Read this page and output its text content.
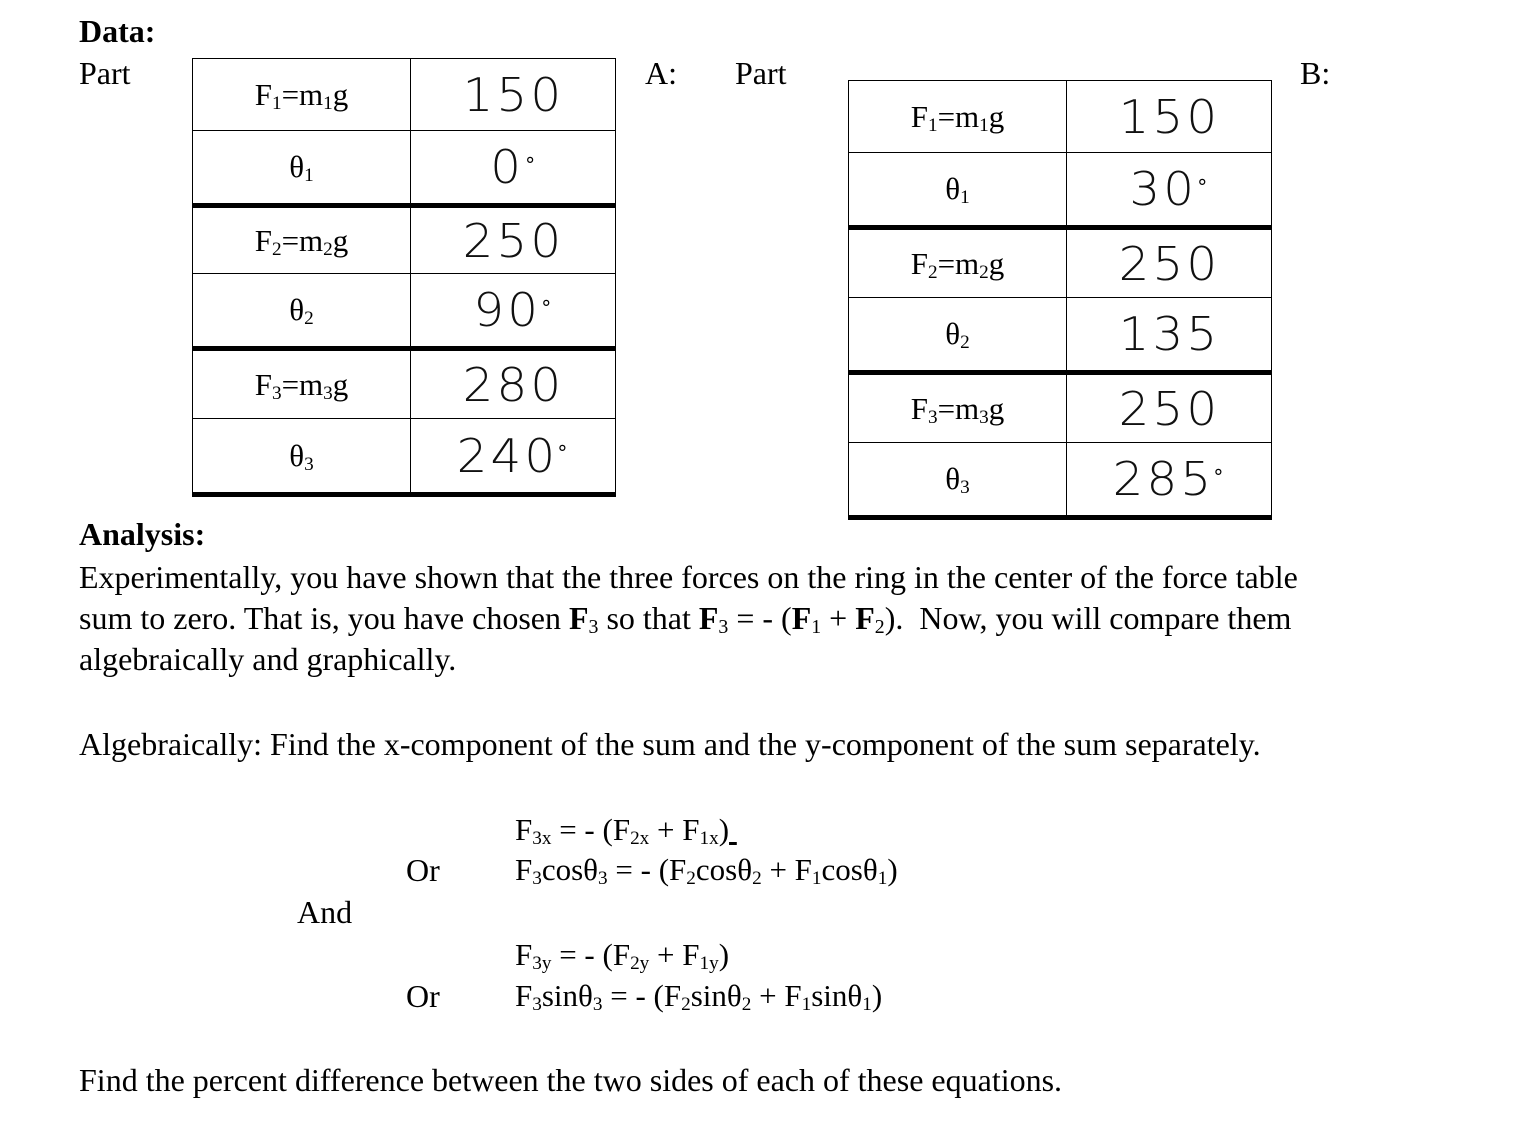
Data:
Part	A: Part	B:
$F_1=m_1g$	150
$\theta_1$	0°
$F_2=m_2g$	250
$\theta_2$	90°
$F_3=m_3g$	280
$\theta_3$	240°
$F_1=m_1g$	150
$\theta_1$	30°
$F_2=m_2g$	250
$\theta_2$	135
$F_3=m_3g$	250
$\theta_3$	285°
Analysis:
Experimentally, you have shown that the three forces on the ring in the center of the force table
sum to zero. That is, you have chosen $F_3$ so that $F_3$ = - $(F_1 + F_2)$.  Now, you will compare them
algebraically and graphically.
Algebraically: Find the x-component of the sum and the y-component of the sum separately.
$F_{3x}$ = - $(F_{2x} + F_{1x})$
Or $F_3\cos\theta_3$ = - $(F_2\cos\theta_2 + F_1\cos\theta_1)$
And
$F_{3y}$ = - $(F_{2y} + F_{1y})$
Or $F_3\sin\theta_3$ = - $(F_2\sin\theta_2 + F_1\sin\theta_1)$
Find the percent difference between the two sides of each of these equations.
